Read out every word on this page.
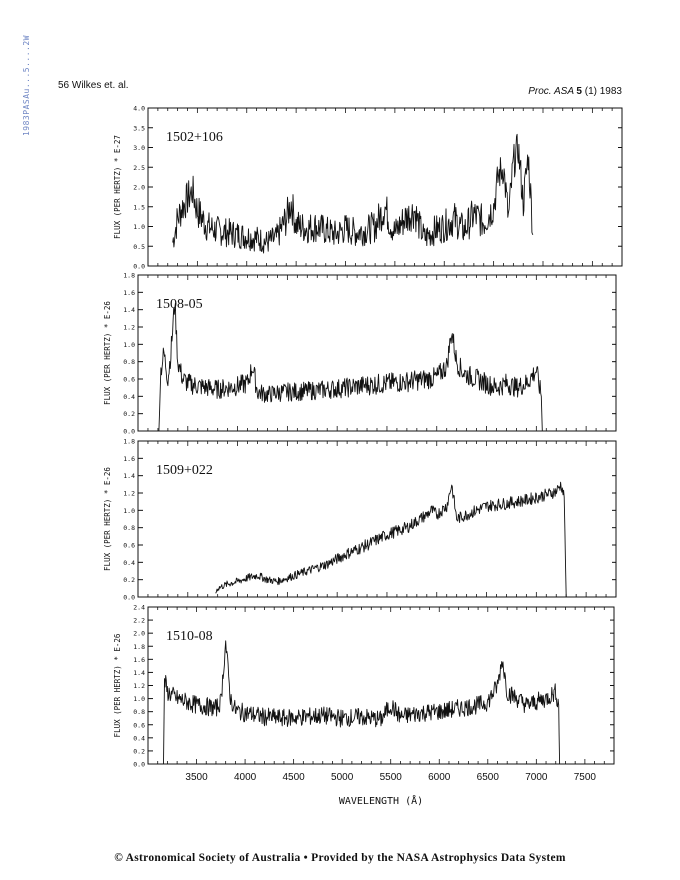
1983PASAu...5....2W	56 Wilkes et. al.
Proc. ASA 5 (1) 1983
0.0
0.5
1.0
1.5
2.0
2.5
3.0
3.5
4.0
FLUX (PER HERTZ) * E-27	1502+106
0.0
0.2
0.4
0.6
0.8
1.0
1.2
1.4
1.6
1.8
FLUX (PER HERTZ) * E-26	1508-05
0.0
0.2
0.4
0.6
0.8
1.0
1.2
1.4
1.6
1.8
FLUX (PER HERTZ) * E-26	1509+022
0.0
0.2
0.4
0.6
0.8
1.0
1.2
1.4
1.6
1.8
2.0
2.2
2.4
FLUX (PER HERTZ) * E-26	1510-08
3500	4000	4500	5000	5500	6000	6500	7000	7500
WAVELENGTH (Å)
© Astronomical Society of Australia • Provided by the NASA Astrophysics Data System
